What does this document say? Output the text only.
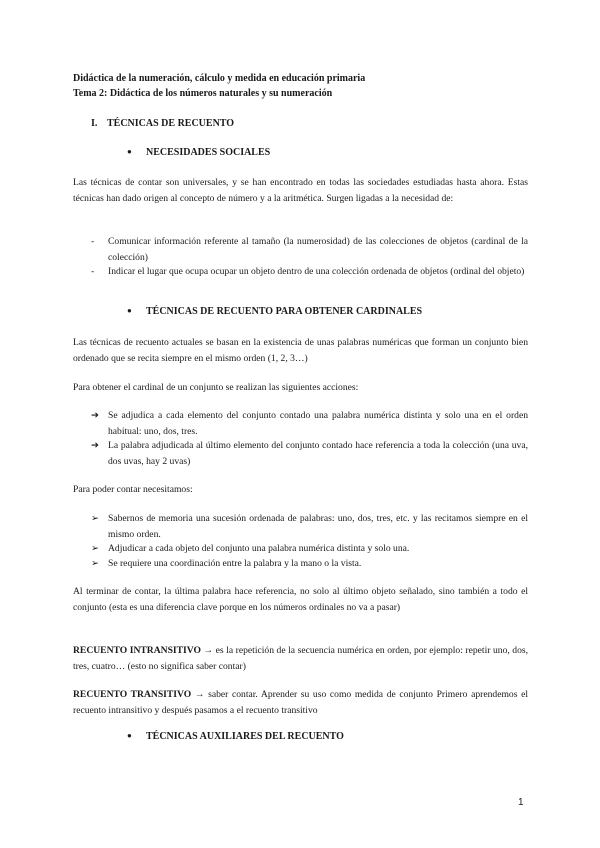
Didáctica de la numeración, cálculo y medida en educación primaria
Tema 2: Didáctica de los números naturales y su numeración
I. TÉCNICAS DE RECUENTO
● NECESIDADES SOCIALES
Las técnicas de contar son universales, y se han encontrado en todas las sociedades estudiadas hasta ahora. Estas técnicas han dado origen al concepto de número y a la aritmética. Surgen ligadas a la necesidad de:
- Comunicar información referente al tamaño (la numerosidad) de las colecciones de objetos (cardinal de la colección)
- Indicar el lugar que ocupa ocupar un objeto dentro de una colección ordenada de objetos (ordinal del objeto)
● TÉCNICAS DE RECUENTO PARA OBTENER CARDINALES
Las técnicas de recuento actuales se basan en la existencia de unas palabras numéricas que forman un conjunto bien ordenado que se recita siempre en el mismo orden (1, 2, 3…)
Para obtener el cardinal de un conjunto se realizan las siguientes acciones:
➔ Se adjudica a cada elemento del conjunto contado una palabra numérica distinta y solo una en el orden habitual: uno, dos, tres.
➔ La palabra adjudicada al último elemento del conjunto contado hace referencia a toda la colección (una uva, dos uvas, hay 2 uvas)
Para poder contar necesitamos:
➢ Sabernos de memoria una sucesión ordenada de palabras: uno, dos, tres, etc. y las recitamos siempre en el mismo orden.
➢ Adjudicar a cada objeto del conjunto una palabra numérica distinta y solo una.
➢ Se requiere una coordinación entre la palabra y la mano o la vista.
Al terminar de contar, la última palabra hace referencia, no solo al último objeto señalado, sino también a todo el conjunto (esta es una diferencia clave porque en los números ordinales no va a pasar)
RECUENTO INTRANSITIVO → es la repetición de la secuencia numérica en orden, por ejemplo: repetir uno, dos, tres, cuatro… (esto no significa saber contar)
RECUENTO TRANSITIVO → saber contar. Aprender su uso como medida de conjunto Primero aprendemos el recuento intransitivo y después pasamos a el recuento transitivo
● TÉCNICAS AUXILIARES DEL RECUENTO
1
